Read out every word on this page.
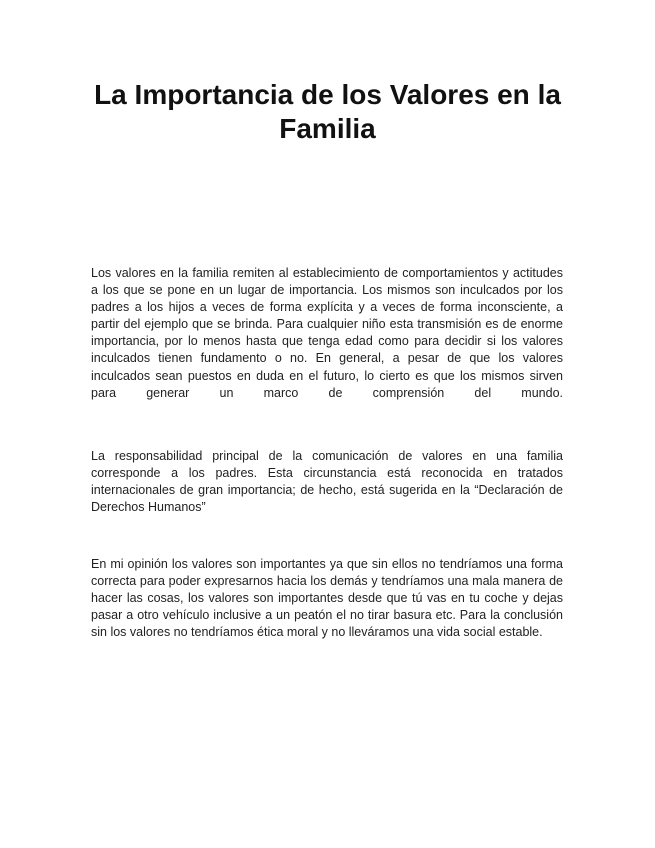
La Importancia de los Valores en la Familia

Los valores en la familia remiten al establecimiento de comportamientos y actitudes a los que se pone en un lugar de importancia. Los mismos son inculcados por los padres a los hijos a veces de forma explícita y a veces de forma inconsciente, a partir del ejemplo que se brinda. Para cualquier niño esta transmisión es de enorme importancia, por lo menos hasta que tenga edad como para decidir si los valores inculcados tienen fundamento o no. En general, a pesar de que los valores inculcados sean puestos en duda en el futuro, lo cierto es que los mismos sirven para generar un marco de comprensión del mundo.

La responsabilidad principal de la comunicación de valores en una familia corresponde a los padres. Esta circunstancia está reconocida en tratados internacionales de gran importancia; de hecho, está sugerida en la “Declaración de Derechos Humanos”

En mi opinión los valores son importantes ya que sin ellos no tendríamos una forma correcta para poder expresarnos hacia los demás y tendríamos una mala manera de hacer las cosas, los valores son importantes desde que tú vas en tu coche y dejas pasar a otro vehículo inclusive a un peatón el no tirar basura etc. Para la conclusión sin los valores no tendríamos ética moral y no lleváramos una vida social estable.
